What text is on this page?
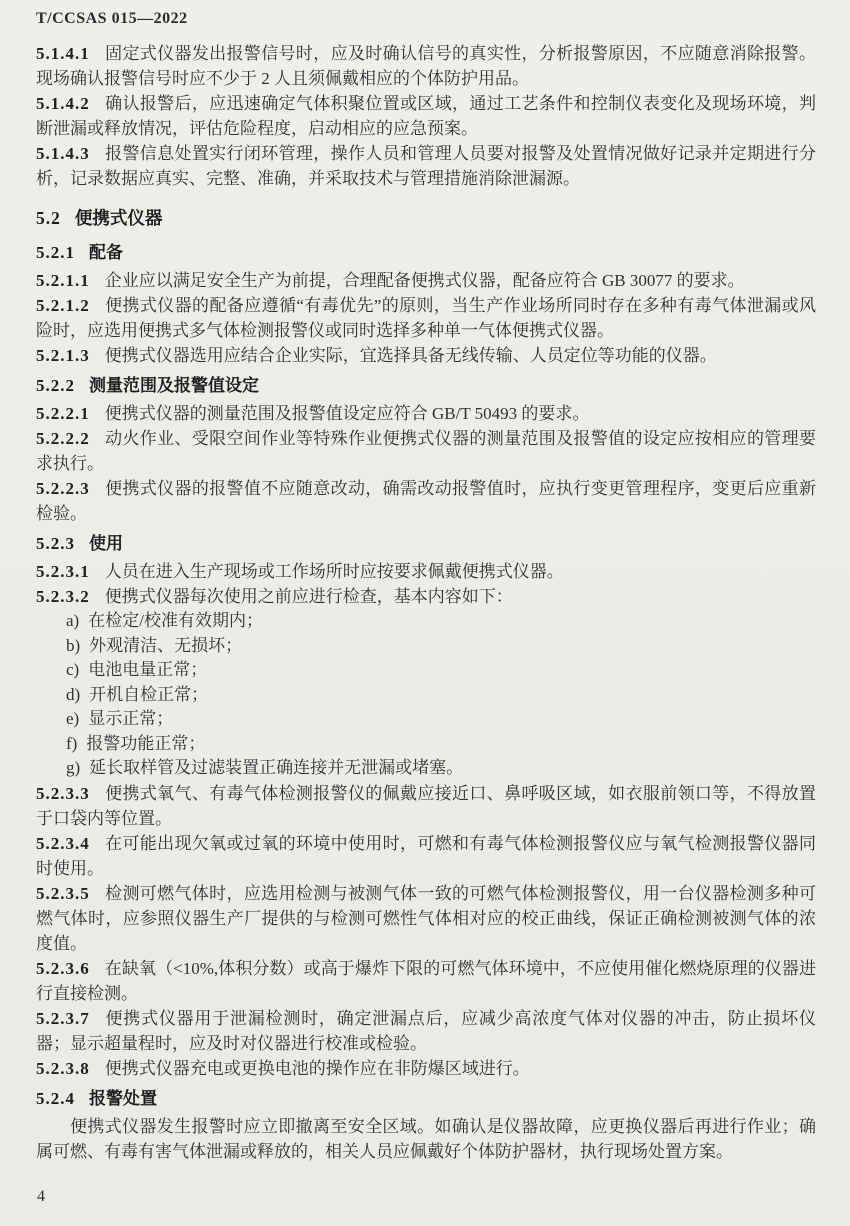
T/CCSAS 015—2022
5.1.4.1 固定式仪器发出报警信号时，应及时确认信号的真实性，分析报警原因，不应随意消除报警。现场确认报警信号时应不少于 2 人且须佩戴相应的个体防护用品。
5.1.4.2 确认报警后，应迅速确定气体积聚位置或区域，通过工艺条件和控制仪表变化及现场环境，判断泄漏或释放情况，评估危险程度，启动相应的应急预案。
5.1.4.3 报警信息处置实行闭环管理，操作人员和管理人员要对报警及处置情况做好记录并定期进行分析，记录数据应真实、完整、准确，并采取技术与管理措施消除泄漏源。
5.2 便携式仪器
5.2.1 配备
5.2.1.1 企业应以满足安全生产为前提，合理配备便携式仪器，配备应符合 GB 30077 的要求。
5.2.1.2 便携式仪器的配备应遵循“有毒优先”的原则，当生产作业场所同时存在多种有毒气体泄漏或风险时，应选用便携式多气体检测报警仪或同时选择多种单一气体便携式仪器。
5.2.1.3 便携式仪器选用应结合企业实际，宜选择具备无线传输、人员定位等功能的仪器。
5.2.2 测量范围及报警值设定
5.2.2.1 便携式仪器的测量范围及报警值设定应符合 GB/T 50493 的要求。
5.2.2.2 动火作业、受限空间作业等特殊作业便携式仪器的测量范围及报警值的设定应按相应的管理要求执行。
5.2.2.3 便携式仪器的报警值不应随意改动，确需改动报警值时，应执行变更管理程序，变更后应重新检验。
5.2.3 使用
5.2.3.1 人员在进入生产现场或工作场所时应按要求佩戴便携式仪器。
5.2.3.2 便携式仪器每次使用之前应进行检查，基本内容如下：
a) 在检定/校准有效期内；
b) 外观清洁、无损坏；
c) 电池电量正常；
d) 开机自检正常；
e) 显示正常；
f) 报警功能正常；
g) 延长取样管及过滤装置正确连接并无泄漏或堵塞。
5.2.3.3 便携式氧气、有毒气体检测报警仪的佩戴应接近口、鼻呼吸区域，如衣服前领口等，不得放置于口袋内等位置。
5.2.3.4 在可能出现欠氧或过氧的环境中使用时，可燃和有毒气体检测报警仪应与氧气检测报警仪器同时使用。
5.2.3.5 检测可燃气体时，应选用检测与被测气体一致的可燃气体检测报警仪，用一台仪器检测多种可燃气体时，应参照仪器生产厂提供的与检测可燃性气体相对应的校正曲线，保证正确检测被测气体的浓度值。
5.2.3.6 在缺氧（<10%,体积分数）或高于爆炸下限的可燃气体环境中，不应使用催化燃烧原理的仪器进行直接检测。
5.2.3.7 便携式仪器用于泄漏检测时，确定泄漏点后，应减少高浓度气体对仪器的冲击，防止损坏仪器；显示超量程时，应及时对仪器进行校准或检验。
5.2.3.8 便携式仪器充电或更换电池的操作应在非防爆区域进行。
5.2.4 报警处置
便携式仪器发生报警时应立即撤离至安全区域。如确认是仪器故障，应更换仪器后再进行作业；确属可燃、有毒有害气体泄漏或释放的，相关人员应佩戴好个体防护器材，执行现场处置方案。
4
